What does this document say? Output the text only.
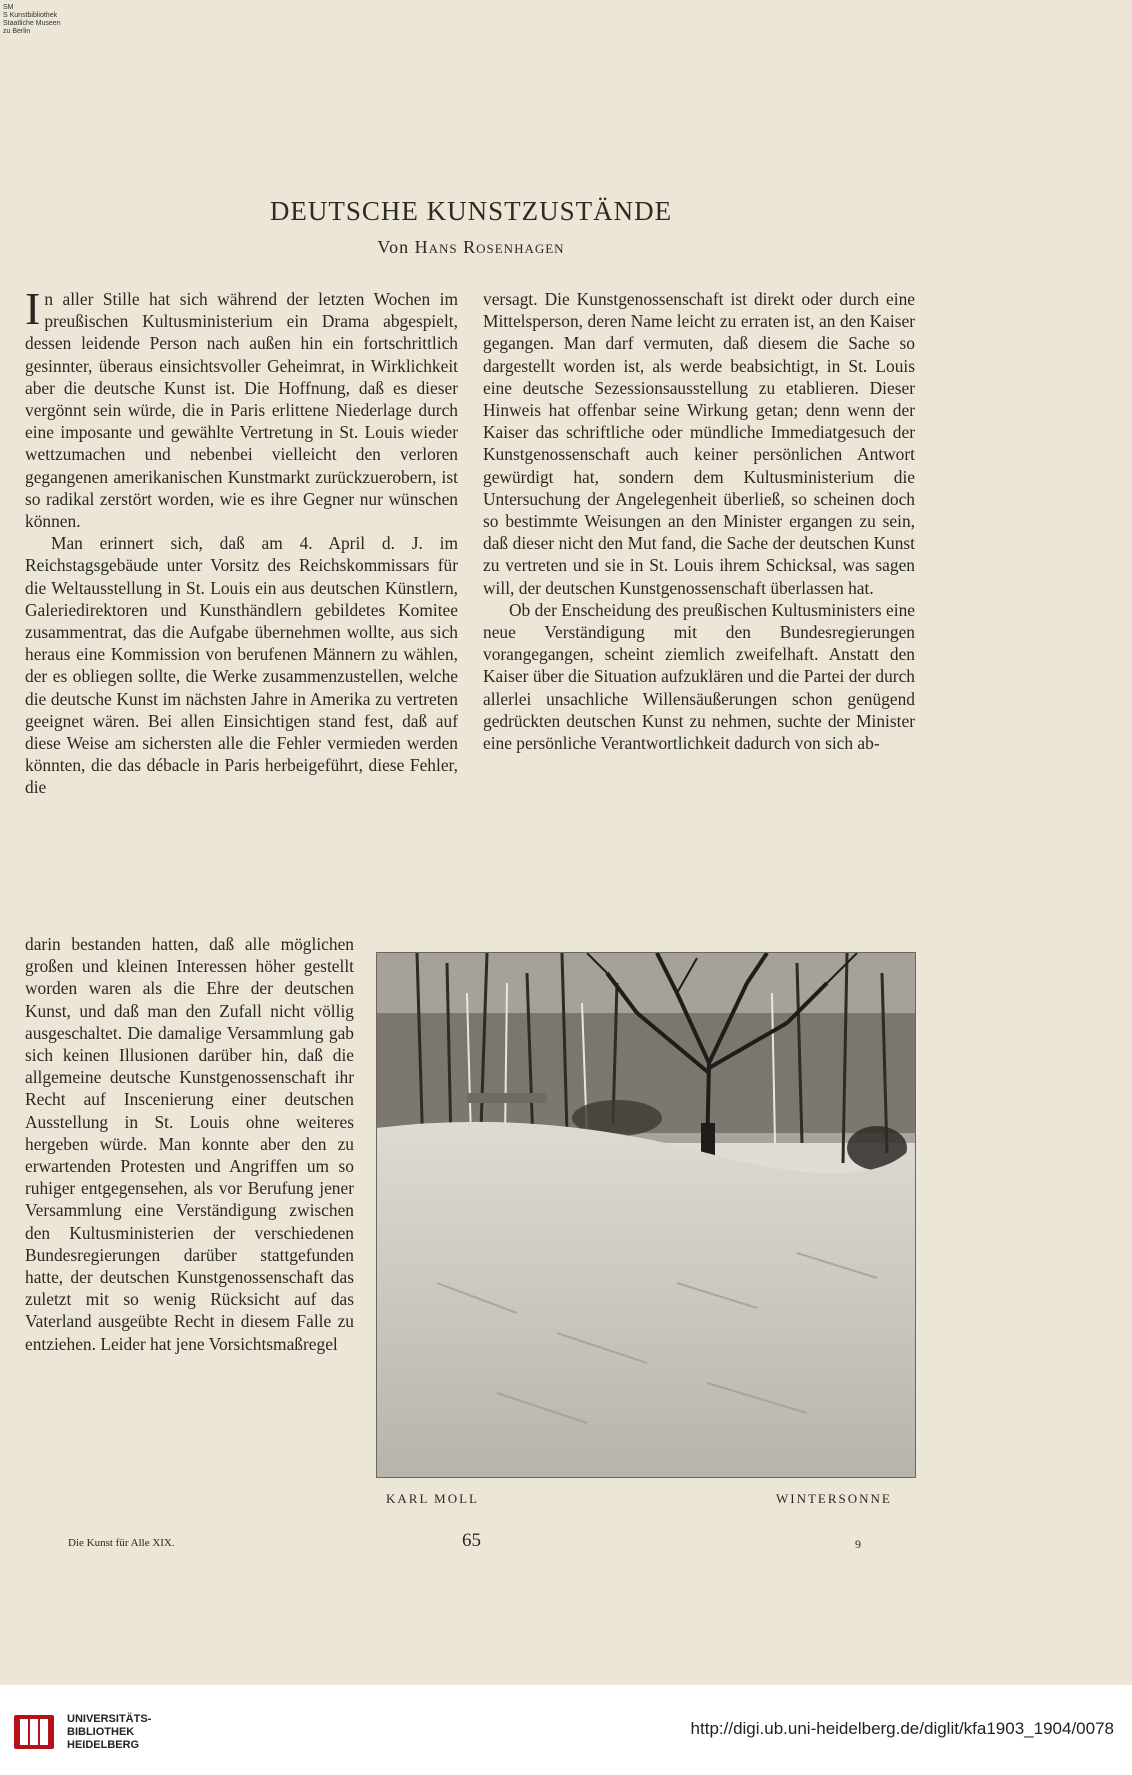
SM
S Kunstbibliothek
Staatliche Museen
zu Berlin
DEUTSCHE KUNSTZUSTÄNDE
Von Hans Rosenhagen

In aller Stille hat sich während der letzten Wochen im preußischen Kultusministerium ein Drama abgespielt, dessen leidende Person nach außen hin ein fortschrittlich gesinnter, überaus einsichtsvoller Geheimrat, in Wirklichkeit aber die deutsche Kunst ist. Die Hoffnung, daß es dieser vergönnt sein würde, die in Paris erlittene Niederlage durch eine imposante und gewählte Vertretung in St. Louis wieder wettzumachen und nebenbei vielleicht den verloren gegangenen amerikanischen Kunstmarkt zurückzuerobern, ist so radikal zerstört worden, wie es ihre Gegner nur wünschen können.

Man erinnert sich, daß am 4. April d. J. im Reichstagsgebäude unter Vorsitz des Reichskommissars für die Weltausstellung in St. Louis ein aus deutschen Künstlern, Galeriedirektoren und Kunsthändlern gebildetes Komitee zusammentrat, das die Aufgabe übernehmen wollte, aus sich heraus eine Kommission von berufenen Männern zu wählen, der es obliegen sollte, die Werke zusammenzustellen, welche die deutsche Kunst im nächsten Jahre in Amerika zu vertreten geeignet wären. Bei allen Einsichtigen stand fest, daß auf diese Weise am sichersten alle die Fehler vermieden werden könnten, die das débacle in Paris herbeigeführt, diese Fehler, die

darin bestanden hatten, daß alle möglichen großen und kleinen Interessen höher gestellt worden waren als die Ehre der deutschen Kunst, und daß man den Zufall nicht völlig ausgeschaltet. Die damalige Versammlung gab sich keinen Illusionen darüber hin, daß die allgemeine deutsche Kunstgenossenschaft ihr Recht auf Inscenierung einer deutschen Ausstellung in St. Louis ohne weiteres hergeben würde. Man konnte aber den zu erwartenden Protesten und Angriffen um so ruhiger entgegensehen, als vor Berufung jener Versammlung eine Verständigung zwischen den Kultusministerien der verschiedenen Bundesregierungen darüber stattgefunden hatte, der deutschen Kunstgenossenschaft das zuletzt mit so wenig Rücksicht auf das Vaterland ausgeübte Recht in diesem Falle zu entziehen. Leider hat jene Vorsichtsmaßregel

versagt. Die Kunstgenossenschaft ist direkt oder durch eine Mittelsperson, deren Name leicht zu erraten ist, an den Kaiser gegangen. Man darf vermuten, daß diesem die Sache so dargestellt worden ist, als werde beabsichtigt, in St. Louis eine deutsche Sezessionsausstellung zu etablieren. Dieser Hinweis hat offenbar seine Wirkung getan; denn wenn der Kaiser das schriftliche oder mündliche Immediatgesuch der Kunstgenossenschaft auch keiner persönlichen Antwort gewürdigt hat, sondern dem Kultusministerium die Untersuchung der Angelegenheit überließ, so scheinen doch so bestimmte Weisungen an den Minister ergangen zu sein, daß dieser nicht den Mut fand, die Sache der deutschen Kunst zu vertreten und sie in St. Louis ihrem Schicksal, was sagen will, der deutschen Kunstgenossenschaft überlassen hat.

Ob der Enscheidung des preußischen Kultusministers eine neue Verständigung mit den Bundesregierungen vorangegangen, scheint ziemlich zweifelhaft. Anstatt den Kaiser über die Situation aufzuklären und die Partei der durch allerlei unsachliche Willensäußerungen schon genügend gedrückten deutschen Kunst zu nehmen, suchte der Minister eine persönliche Verantwortlichkeit dadurch von sich ab-

KARL MOLL	WINTERSONNE
Die Kunst für Alle XIX.	65	9
UNIVERSITÄTS-
BIBLIOTHEK
HEIDELBERG
http://digi.ub.uni-heidelberg.de/diglit/kfa1903_1904/0078
